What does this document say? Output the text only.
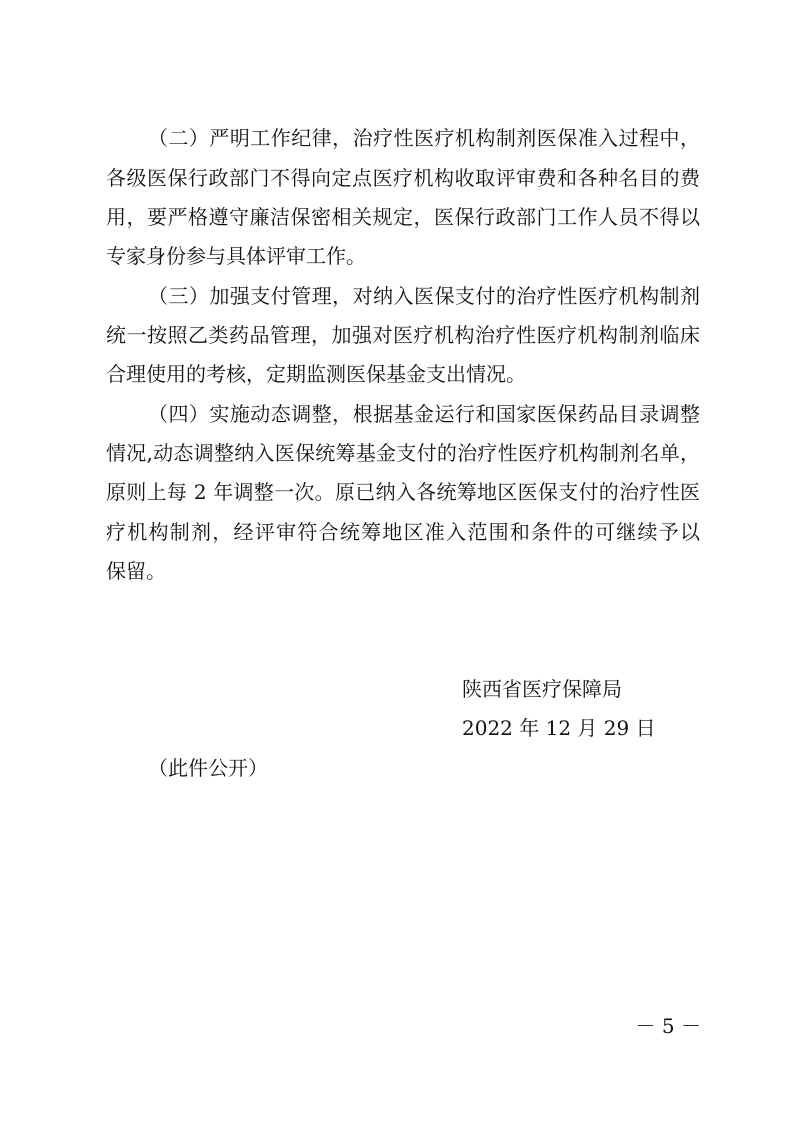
（二）严明工作纪律，治疗性医疗机构制剂医保准入过程中，
各级医保行政部门不得向定点医疗机构收取评审费和各种名目的费
用，要严格遵守廉洁保密相关规定，医保行政部门工作人员不得以
专家身份参与具体评审工作。
（三）加强支付管理，对纳入医保支付的治疗性医疗机构制剂
统一按照乙类药品管理，加强对医疗机构治疗性医疗机构制剂临床
合理使用的考核，定期监测医保基金支出情况。
（四）实施动态调整，根据基金运行和国家医保药品目录调整
情况,动态调整纳入医保统筹基金支付的治疗性医疗机构制剂名单，
原则上每 2 年调整一次。原已纳入各统筹地区医保支付的治疗性医
疗机构制剂，经评审符合统筹地区准入范围和条件的可继续予以
保留。
陕西省医疗保障局
2022 年 12 月 29 日
（此件公开）
－ 5 －
